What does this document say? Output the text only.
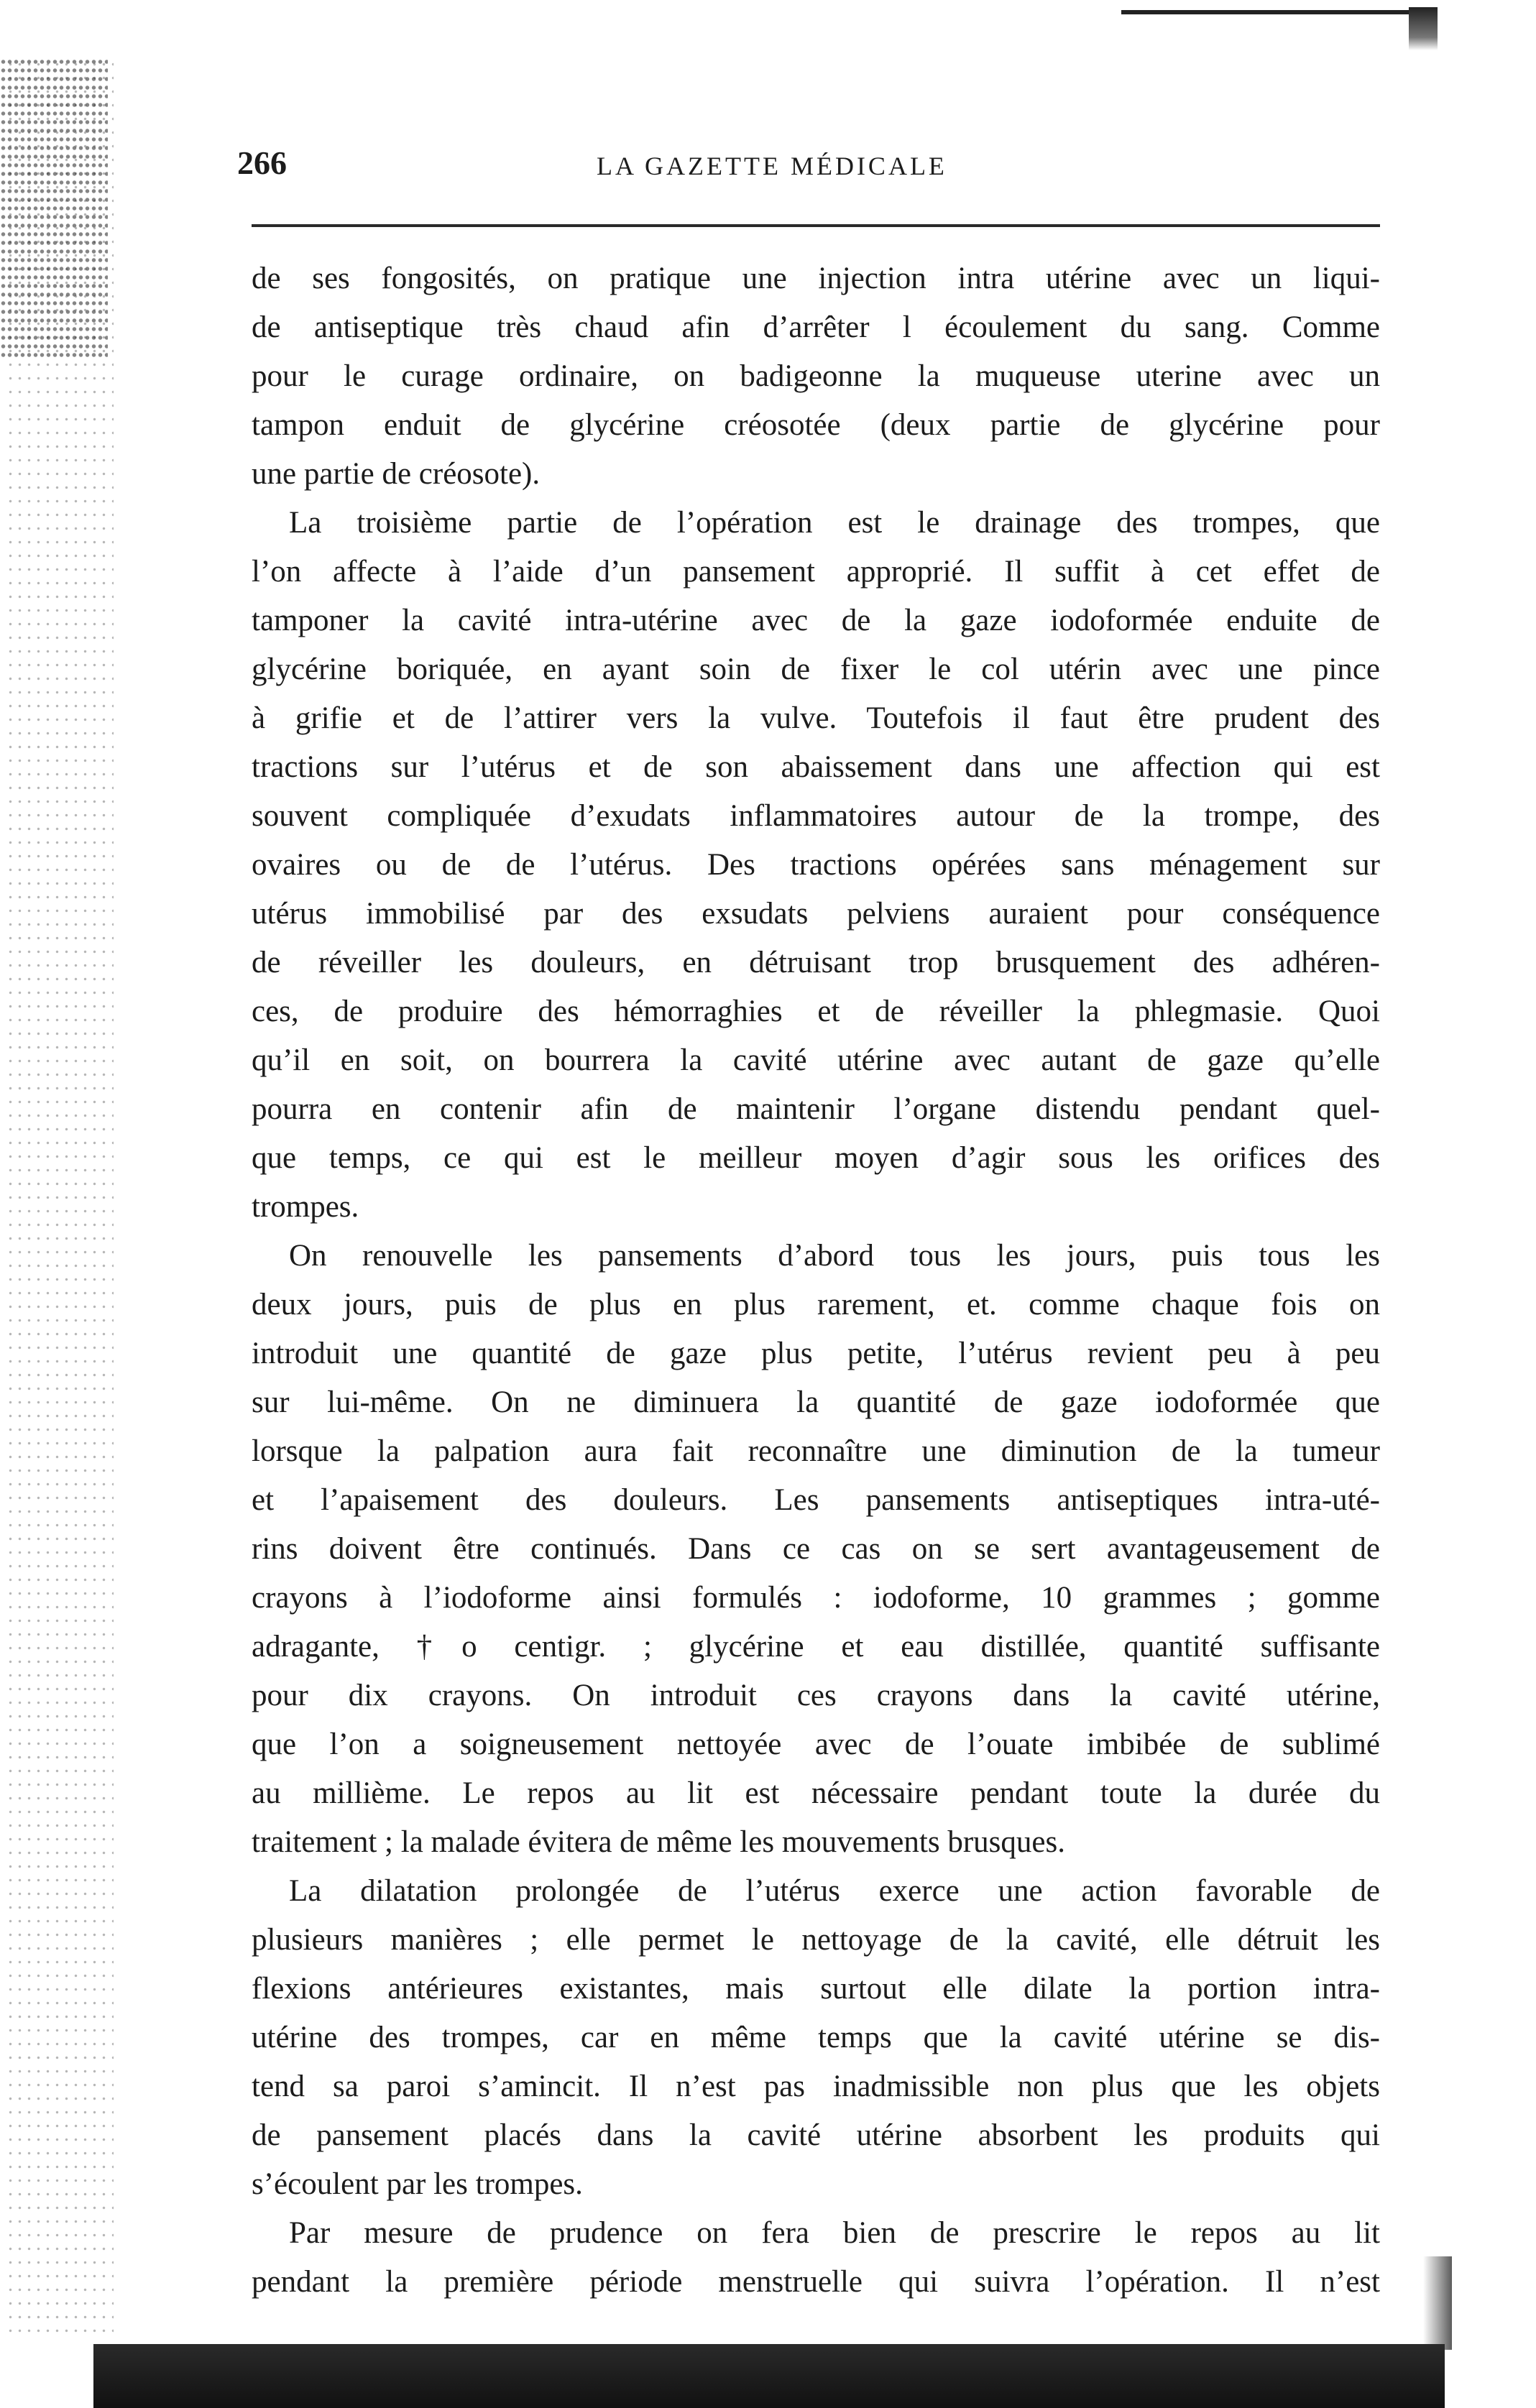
266	LA GAZETTE MÉDICALE
de ses fongosités, on pratique une injection intra utérine avec un liqui-
de antiseptique très chaud afin d’arrêter l écoulement du sang. Comme
pour le curage ordinaire, on badigeonne la muqueuse uterine avec un
tampon enduit de glycérine créosotée (deux partie de glycérine pour
une partie de créosote).
La troisième partie de l’opération est le drainage des trompes, que
l’on affecte à l’aide d’un pansement approprié. Il suffit à cet effet de
tamponer la cavité intra-utérine avec de la gaze iodoformée enduite de
glycérine boriquée, en ayant soin de fixer le col utérin avec une pince
à grifie et de l’attirer vers la vulve. Toutefois il faut être prudent des
tractions sur l’utérus et de son abaissement dans une affection qui est
souvent compliquée d’exudats inflammatoires autour de la trompe, des
ovaires ou de de l’utérus. Des tractions opérées sans ménagement sur
utérus immobilisé par des exsudats pelviens auraient pour conséquence
de réveiller les douleurs, en détruisant trop brusquement des adhéren-
ces, de produire des hémorraghies et de réveiller la phlegmasie. Quoi
qu’il en soit, on bourrera la cavité utérine avec autant de gaze qu’elle
pourra en contenir afin de maintenir l’organe distendu pendant quel-
que temps, ce qui est le meilleur moyen d’agir sous les orifices des
trompes.
On renouvelle les pansements d’abord tous les jours, puis tous les
deux jours, puis de plus en plus rarement, et. comme chaque fois on
introduit une quantité de gaze plus petite, l’utérus revient peu à peu
sur lui-même. On ne diminuera la quantité de gaze iodoformée que
lorsque la palpation aura fait reconnaître une diminution de la tumeur
et l’apaisement des douleurs. Les pansements antiseptiques intra-uté-
rins doivent être continués. Dans ce cas on se sert avantageusement de
crayons à l’iodoforme ainsi formulés : iodoforme, 10 grammes ; gomme
adragante, †o centigr. ; glycérine et eau distillée, quantité suffisante
pour dix crayons. On introduit ces crayons dans la cavité utérine,
que l’on a soigneusement nettoyée avec de l’ouate imbibée de sublimé
au millième. Le repos au lit est nécessaire pendant toute la durée du
traitement ; la malade évitera de même les mouvements brusques.
La dilatation prolongée de l’utérus exerce une action favorable de
plusieurs manières ; elle permet le nettoyage de la cavité, elle détruit les
flexions antérieures existantes, mais surtout elle dilate la portion intra-
utérine des trompes, car en même temps que la cavité utérine se dis-
tend sa paroi s’amincit. Il n’est pas inadmissible non plus que les objets
de pansement placés dans la cavité utérine absorbent les produits qui
s’écoulent par les trompes.
Par mesure de prudence on fera bien de prescrire le repos au lit
pendant la première période menstruelle qui suivra l’opération. Il n’est
